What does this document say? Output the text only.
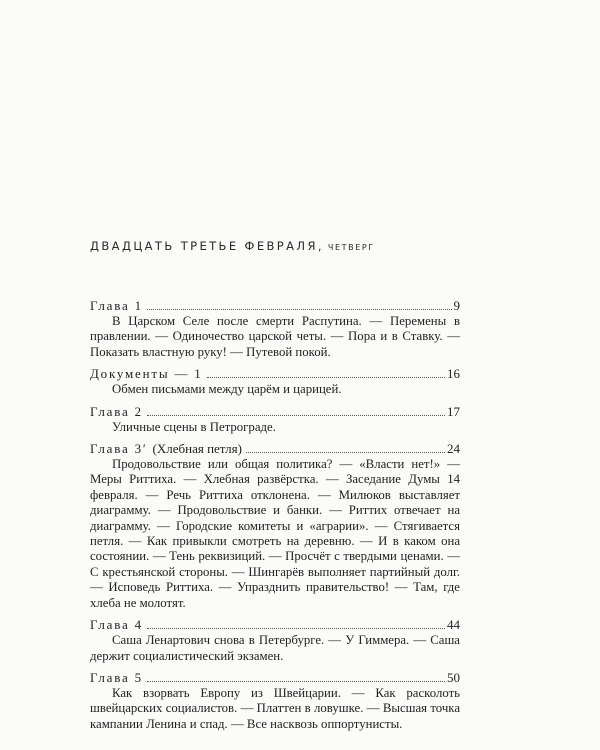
ДВАДЦАТЬ ТРЕТЬЕ ФЕВРАЛЯ, ЧЕТВЕРГ
Глава 1	9

В Царском Селе после смерти Распутина. — Перемены в правлении. — Одиночество царской четы. — Пора и в Ставку. — Показать властную руку! — Путевой покой.

Документы — 1	16

Обмен письмами между царём и царицей.

Глава 2	17

Уличные сцены в Петрограде.

Глава 3′ (Хлебная петля)	24

Продовольствие или общая политика? — «Власти нет!» — Меры Риттиха. — Хлебная развёрстка. — Заседание Думы 14 февраля. — Речь Риттиха отклонена. — Милюков выставляет диаграмму. — Продовольствие и банки. — Риттих отвечает на диаграмму. — Городские комитеты и «аграрии». — Стягивается петля. — Как привыкли смотреть на деревню. — И в каком она состоянии. — Тень реквизиций. — Просчёт с твердыми ценами. — С крестьянской стороны. — Шингарёв выполняет партийный долг. — Исповедь Риттиха. — Упразднить правительство! — Там, где хлеба не молотят.

Глава 4	44

Саша Ленартович снова в Петербурге. — У Гиммера. — Саша держит социалистический экзамен.

Глава 5	50

Как взорвать Европу из Швейцарии. — Как расколоть швейцарских социалистов. — Платтен в ловушке. — Высшая точка кампании Ленина и спад. — Все насквозь оппортунисты.
